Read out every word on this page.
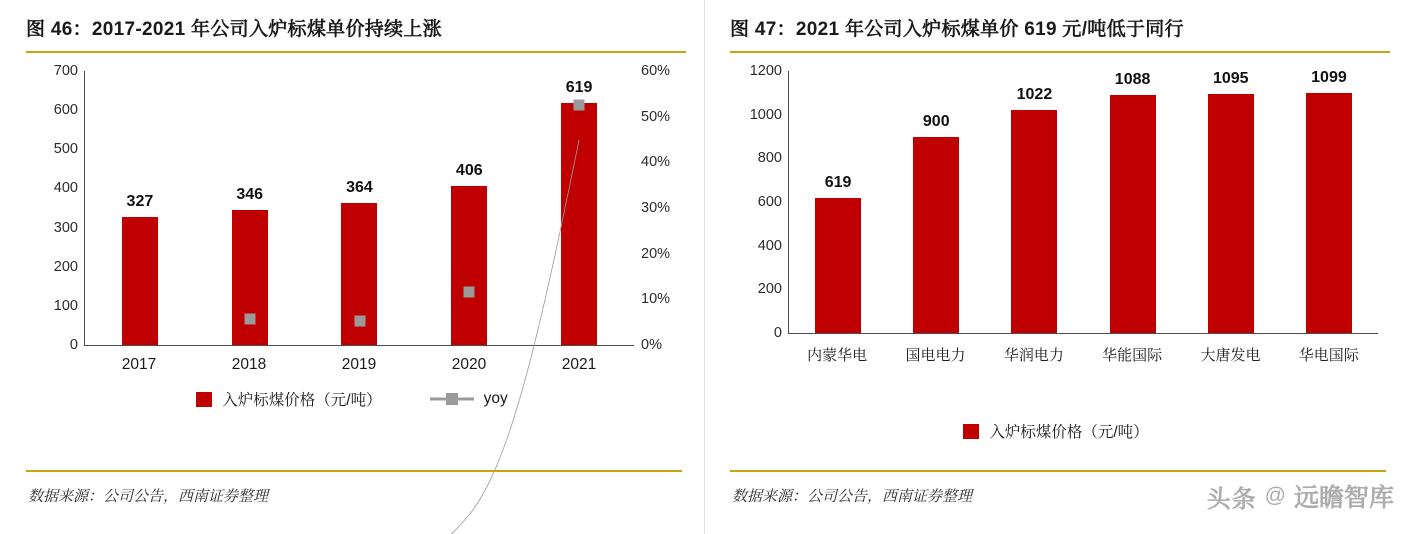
图 46：2017-2021 年公司入炉标煤单价持续上涨
0
100
200
300
400
500
600
700
0%
10%
20%
30%
40%
50%
60%
327	346	364
406
619
2017	2018	2019	2020	2021
入炉标煤价格（元/吨）	yoy
数据来源：公司公告，西南证券整理
图 47：2021 年公司入炉标煤单价 619 元/吨低于同行
0
200
400
600
800
1000
1200
619
900
1022
1088	1095	1099
内蒙华电	国电电力	华润电力	华能国际	大唐发电	华电国际
入炉标煤价格（元/吨）
数据来源：公司公告，西南证券整理	头条 @ 远瞻智库
